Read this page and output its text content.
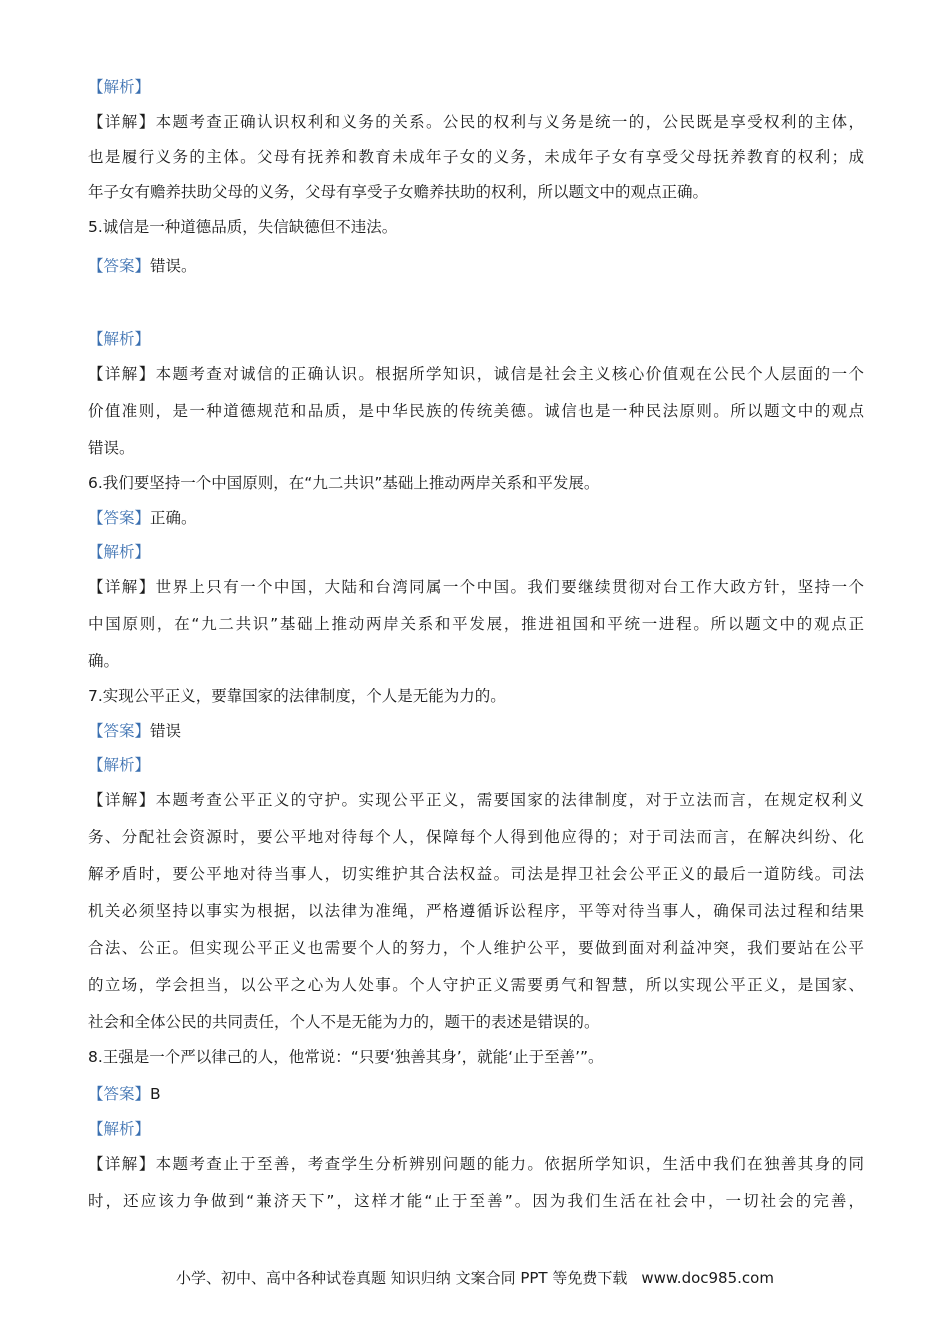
【解析】
【详解】本题考查正确认识权利和义务的关系。公民的权利与义务是统一的，公民既是享受权利的主体，
也是履行义务的主体。父母有抚养和教育未成年子女的义务，未成年子女有享受父母抚养教育的权利；成
年子女有赡养扶助父母的义务，父母有享受子女赡养扶助的权利，所以题文中的观点正确。
5.诚信是一种道德品质，失信缺德但不违法。
【答案】错误。
【解析】
【详解】本题考查对诚信的正确认识。根据所学知识，诚信是社会主义核心价值观在公民个人层面的一个
价值准则，是一种道德规范和品质，是中华民族的传统美德。诚信也是一种民法原则。所以题文中的观点
错误。
6.我们要坚持一个中国原则，在“九二共识”基础上推动两岸关系和平发展。
【答案】正确。
【解析】
【详解】世界上只有一个中国，大陆和台湾同属一个中国。我们要继续贯彻对台工作大政方针，坚持一个
中国原则，在“九二共识”基础上推动两岸关系和平发展，推进祖国和平统一进程。所以题文中的观点正
确。
7.实现公平正义，要靠国家的法律制度，个人是无能为力的。
【答案】错误
【解析】
【详解】本题考查公平正义的守护。实现公平正义，需要国家的法律制度，对于立法而言，在规定权利义
务、分配社会资源时，要公平地对待每个人，保障每个人得到他应得的；对于司法而言，在解决纠纷、化
解矛盾时，要公平地对待当事人，切实维护其合法权益。司法是捍卫社会公平正义的最后一道防线。司法
机关必须坚持以事实为根据，以法律为准绳，严格遵循诉讼程序，平等对待当事人，确保司法过程和结果
合法、公正。但实现公平正义也需要个人的努力，个人维护公平，要做到面对利益冲突，我们要站在公平
的立场，学会担当，以公平之心为人处事。个人守护正义需要勇气和智慧，所以实现公平正义，是国家、
社会和全体公民的共同责任，个人不是无能为力的，题干的表述是错误的。
8.王强是一个严以律己的人，他常说：“只要‘独善其身’，就能‘止于至善’”。
【答案】B
【解析】
【详解】本题考查止于至善，考查学生分析辨别问题的能力。依据所学知识，生活中我们在独善其身的同
时，还应该力争做到“兼济天下”，这样才能“止于至善”。因为我们生活在社会中，一切社会的完善，
小学、初中、高中各种试卷真题 知识归纳 文案合同 PPT 等免费下载 www.doc985.com
